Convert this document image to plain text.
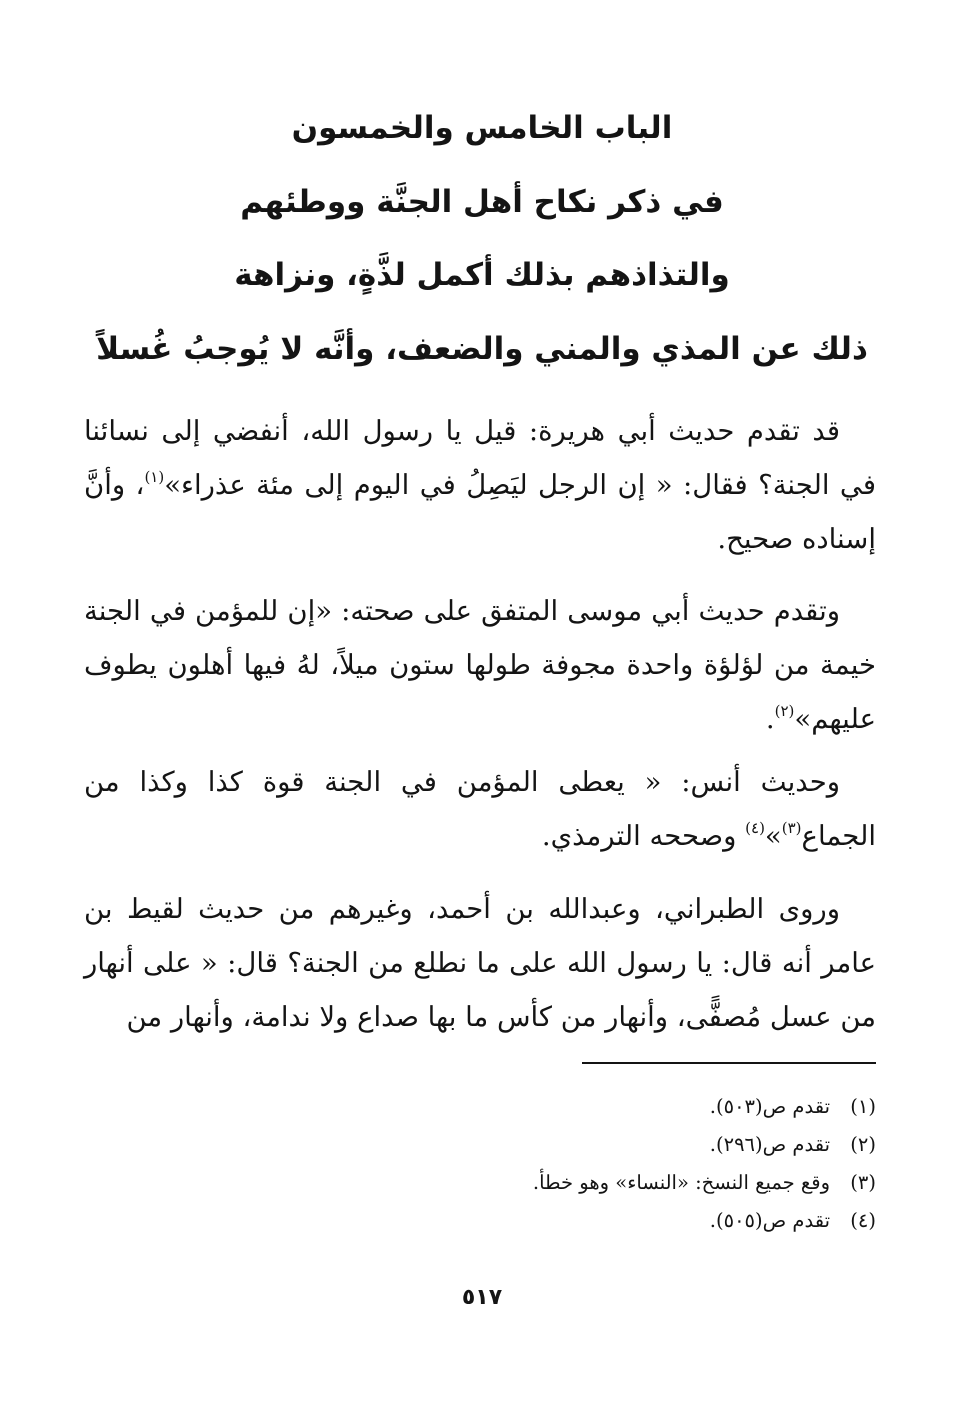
الباب الخامس والخمسون
في ذكر نكاح أهل الجنَّة ووطئهم
والتذاذهم بذلك أكمل لذَّةٍ، ونزاهة
ذلك عن المذي والمني والضعف، وأنَّه لا يُوجبُ غُسلاً

قد تقدم حديث أبي هريرة: قيل يا رسول الله، أنفضي إلى نسائنا في الجنة؟ فقال: « إن الرجل ليَصِلُ في اليوم إلى مئة عذراء»$^{(١)}$، وأنَّ إسناده صحيح.

وتقدم حديث أبي موسى المتفق على صحته: «إن للمؤمن في الجنة خيمة من لؤلؤة واحدة مجوفة طولها ستون ميلاً، لهُ فيها أهلون يطوف عليهم»$^{(٢)}$.

وحديث أنس: « يعطى المؤمن في الجنة قوة كذا وكذا من الجماع$^{(٣)}$»$^{(٤)}$ وصححه الترمذي.

وروى الطبراني، وعبدالله بن أحمد، وغيرهم من حديث لقيط بن عامر أنه قال: يا رسول الله على ما نطلع من الجنة؟ قال: « على أنهار من عسل مُصفًّى، وأنهار من كأس ما بها صداع ولا ندامة، وأنهار من

(١)
تقدم ص(٥٠٣).
(٢)
تقدم ص(٢٩٦).
(٣)
وقع جميع النسخ: «النساء» وهو خطأ.
(٤)
تقدم ص(٥٠٥).
٥١٧
